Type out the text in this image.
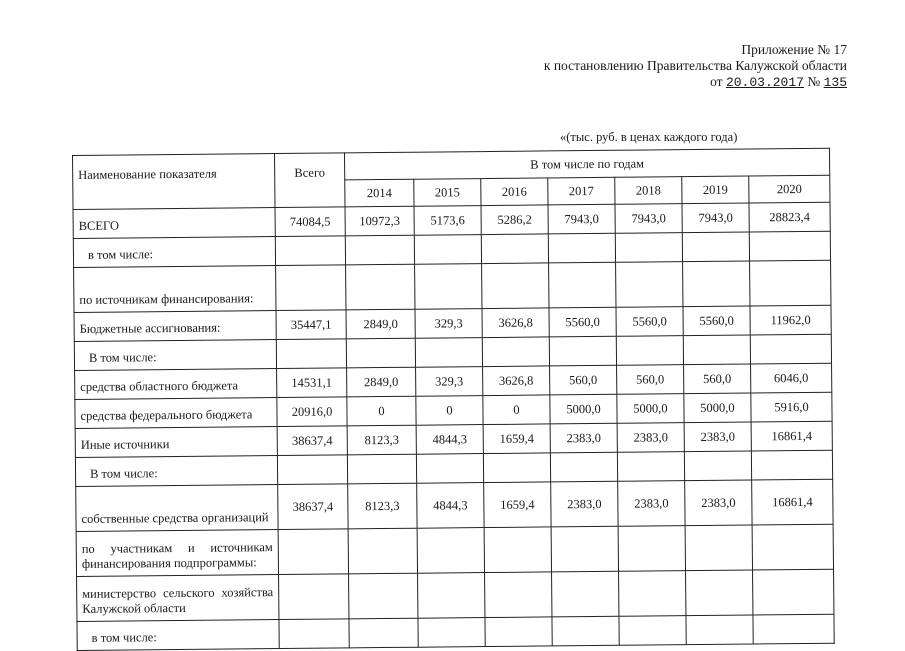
Приложение № 17
к постановлению Правительства Калужской области
от 20.03.2017 № 135
«(тыс. руб. в ценах каждого года)
Наименование показателя	Всего	В том числе по годам						
		2014	2015	2016	2017	2018	2019	2020
ВСЕГО	74084,5	10972,3	5173,6	5286,2	7943,0	7943,0	7943,0	28823,4
в том числе:								
по источникам финансирования:								
Бюджетные ассигнования:	35447,1	2849,0	329,3	3626,8	5560,0	5560,0	5560,0	11962,0
В том числе:								
средства областного бюджета	14531,1	2849,0	329,3	3626,8	560,0	560,0	560,0	6046,0
средства федерального бюджета	20916,0	0	0	0	5000,0	5000,0	5000,0	5916,0
Иные источники	38637,4	8123,3	4844,3	1659,4	2383,0	2383,0	2383,0	16861,4
В том числе:								
собственные средства организаций	38637,4	8123,3	4844,3	1659,4	2383,0	2383,0	2383,0	16861,4
по участникам и источникам финансирования подпрограммы:								
министерство сельского хозяйства Калужской области								
в том числе:								
